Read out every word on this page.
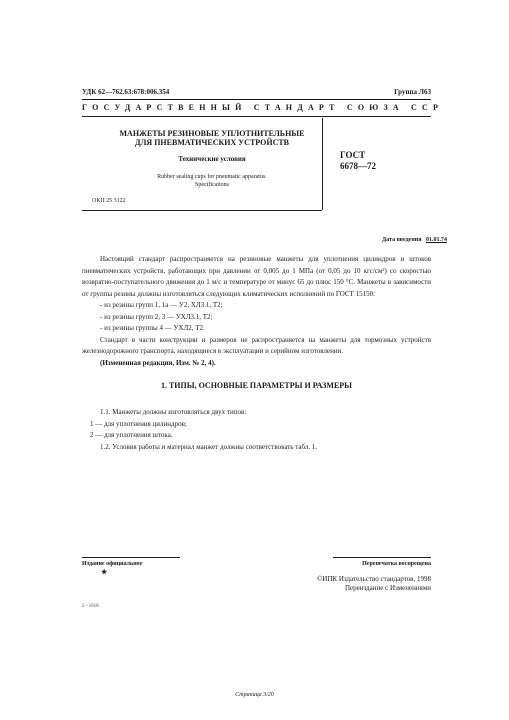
УДК 62—762.63:678:006.354	Группа Л63
ГОСУДАРСТВЕННЫЙ СТАНДАРТ СОЮЗА ССР
МАНЖЕТЫ РЕЗИНОВЫЕ УПЛОТНИТЕЛЬНЫЕ
ДЛЯ ПНЕВМАТИЧЕСКИХ УСТРОЙСТВ
Технические условия
Rubber sealing cups for pneumatic apparatus.
Specifications
ОКП 25 3122
ГОСТ
6678—72
Дата введения 01.01.74

Настоящий стандарт распространяется на резиновые манжеты для уплотнения цилиндров и штоков пневматических устройств, работающих при давлении от 0,005 до 1 МПа (от 0,05 до 10 кгс/см²) со скоростью возвратно-поступательного движения до 1 м/с и температуре от минус 65 до плюс 150 °С. Манжеты в зависимости от группы резины должны изготовляться следующих климатических исполнений по ГОСТ 15150:

- из резины групп 1, 1а — У2, ХЛ3.1, Т2;
- из резины групп 2, 3 — УХЛ3.1, Т2;
- из резины группы 4 — УХЛ2, Т2.

Стандарт в части конструкции и размеров не распространяется на манжеты для тормозных устройств железнодорожного транспорта, находящиеся в эксплуатации и серийном изготовлении.

(Измененная редакция, Изм. № 2, 4).
1. ТИПЫ, ОСНОВНЫЕ ПАРАМЕТРЫ И РАЗМЕРЫ
1.1. Манжеты должны изготовляться двух типов:
1 — для уплотнения цилиндров;
2 — для уплотнения штока.
1.2. Условия работы и материал манжет должны соответствовать табл. 1.
Издание официальное
★
Перепечатка воспрещена
©ИПК Издательство стандартов, 1998
Переиздание с Изменениями
2 - 1618
Страница 3/20
